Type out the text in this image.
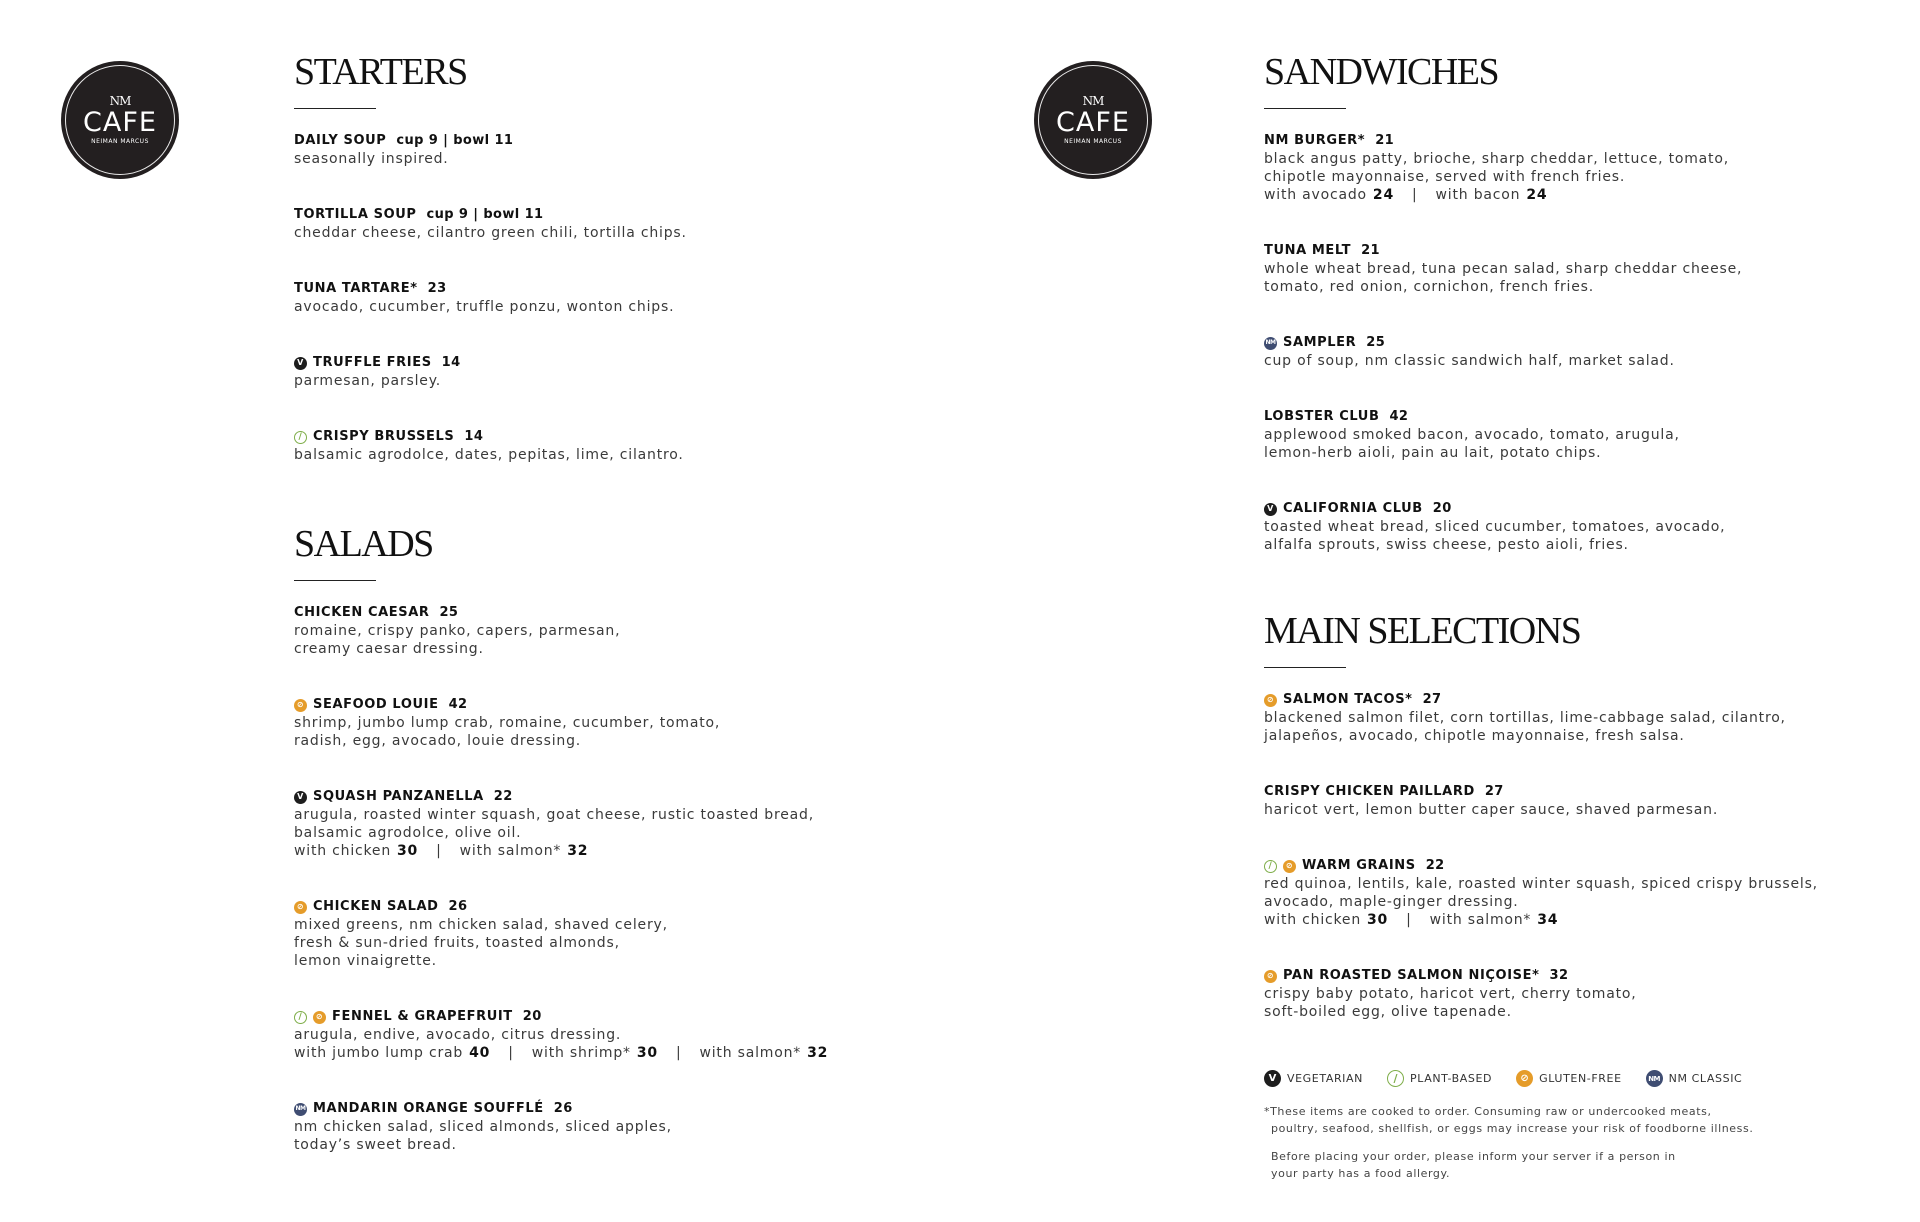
NM
CAFE
NEIMAN MARCUS
NM
CAFE
NEIMAN MARCUS
STARTERS
DAILY SOUP cup 9 | bowl 11
seasonally inspired.
TORTILLA SOUP cup 9 | bowl 11
cheddar cheese, cilantro green chili, tortilla chips.
TUNA TARTARE* 23
avocado, cucumber, truffle ponzu, wonton chips.
V TRUFFLE FRIES 14
parmesan, parsley.
∕ CRISPY BRUSSELS 14
balsamic agrodolce, dates, pepitas, lime, cilantro.
SALADS
CHICKEN CAESAR 25
romaine, crispy panko, capers, parmesan,
creamy caesar dressing.
⊘ SEAFOOD LOUIE 42
shrimp, jumbo lump crab, romaine, cucumber, tomato,
radish, egg, avocado, louie dressing.
V SQUASH PANZANELLA 22
arugula, roasted winter squash, goat cheese, rustic toasted bread,
balsamic agrodolce, olive oil.
with chicken 30 | with salmon* 32
⊘ CHICKEN SALAD 26
mixed greens, nm chicken salad, shaved celery,
fresh & sun-dried fruits, toasted almonds,
lemon vinaigrette.
∕	⊘ FENNEL & GRAPEFRUIT 20
arugula, endive, avocado, citrus dressing.
with jumbo lump crab 40 | with shrimp* 30 | with salmon* 32
NM MANDARIN ORANGE SOUFFLÉ 26
nm chicken salad, sliced almonds, sliced apples,
today’s sweet bread.
SANDWICHES
NM BURGER* 21
black angus patty, brioche, sharp cheddar, lettuce, tomato,
chipotle mayonnaise, served with french fries.
with avocado 24 | with bacon 24
TUNA MELT 21
whole wheat bread, tuna pecan salad, sharp cheddar cheese,
tomato, red onion, cornichon, french fries.
NM SAMPLER 25
cup of soup, nm classic sandwich half, market salad.
LOBSTER CLUB 42
applewood smoked bacon, avocado, tomato, arugula,
lemon-herb aioli, pain au lait, potato chips.
V CALIFORNIA CLUB 20
toasted wheat bread, sliced cucumber, tomatoes, avocado,
alfalfa sprouts, swiss cheese, pesto aioli, fries.
MAIN SELECTIONS
⊘ SALMON TACOS* 27
blackened salmon filet, corn tortillas, lime-cabbage salad, cilantro,
jalapeños, avocado, chipotle mayonnaise, fresh salsa.
CRISPY CHICKEN PAILLARD 27
haricot vert, lemon butter caper sauce, shaved parmesan.
∕	⊘ WARM GRAINS 22
red quinoa, lentils, kale, roasted winter squash, spiced crispy brussels,
avocado, maple-ginger dressing.
with chicken 30 | with salmon* 34
⊘ PAN ROASTED SALMON NIÇOISE* 32
crispy baby potato, haricot vert, cherry tomato,
soft-boiled egg, olive tapenade.
V VEGETARIAN	∕	PLANT-BASED	⊘ GLUTEN-FREE	NM NM CLASSIC

*These items are cooked to order. Consuming raw or undercooked meats,

poultry, seafood, shellfish, or eggs may increase your risk of foodborne illness.

Before placing your order, please inform your server if a person in

your party has a food allergy.
